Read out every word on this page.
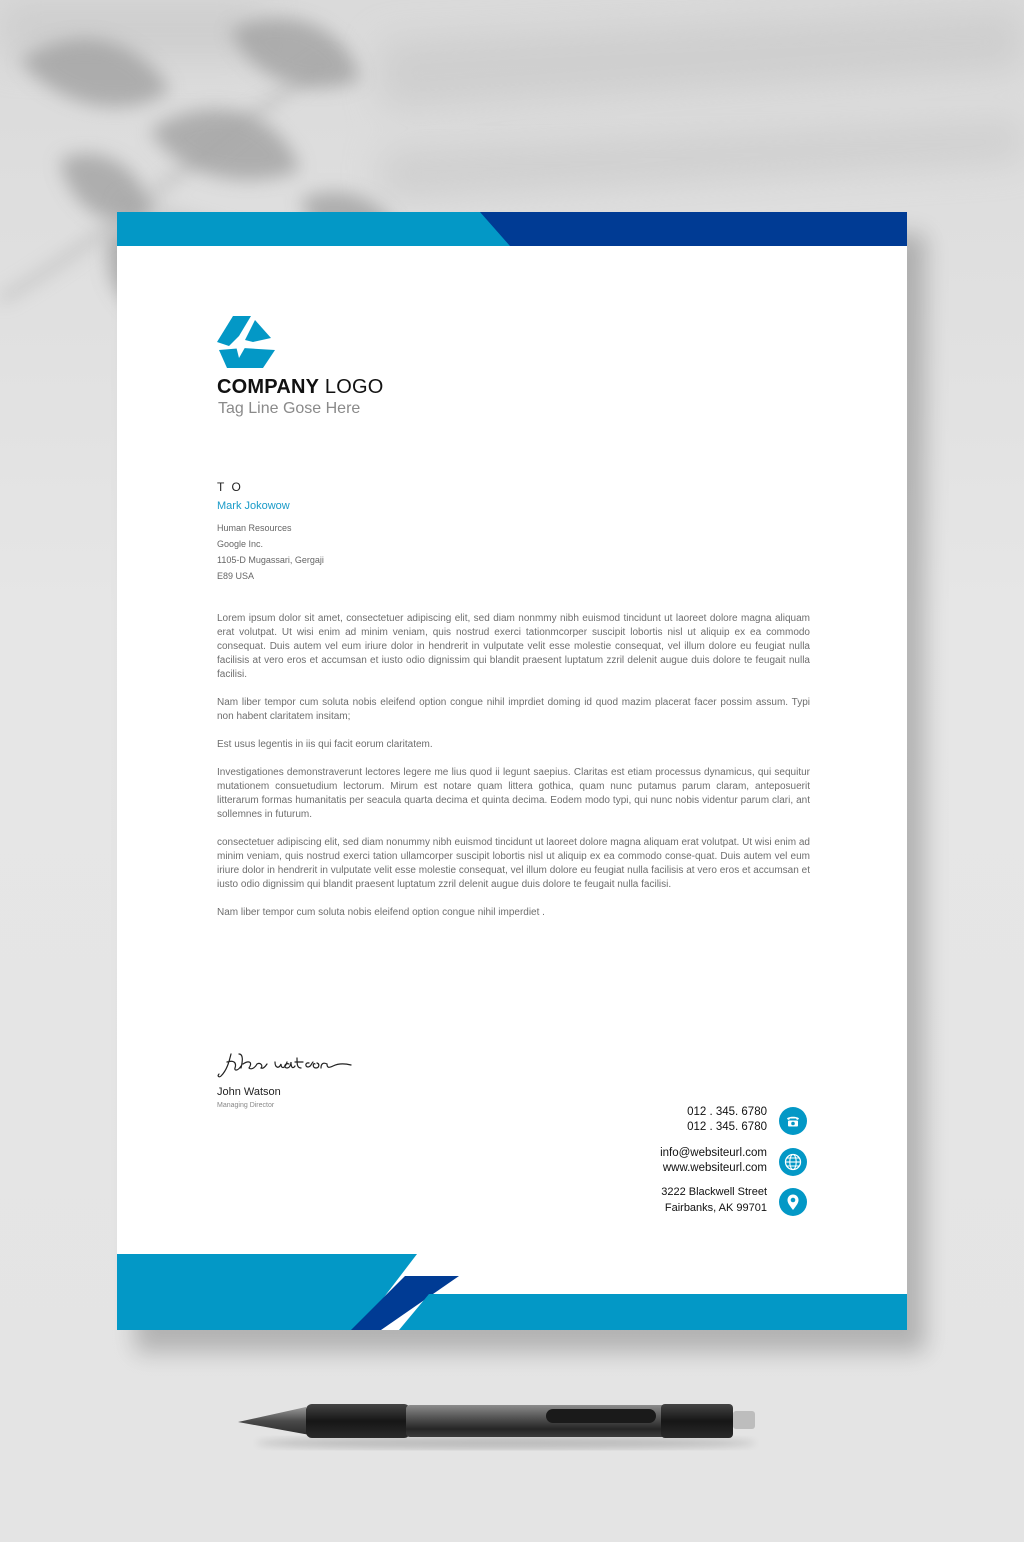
COMPANY LOGO
Tag Line Gose Here
T O
Mark Jokowow
Human Resources
Google Inc.
1105-D Mugassari, Gergaji
E89 USA

Lorem ipsum dolor sit amet, consectetuer adipiscing elit, sed diam nonmmy nibh euismod tincidunt ut laoreet dolore magna aliquam erat volutpat. Ut wisi enim ad minim veniam, quis nostrud exerci tationmcorper suscipit lobortis nisl ut aliquip ex ea commodo consequat. Duis autem vel eum iriure dolor in hendrerit in vulputate velit esse molestie consequat, vel illum dolore eu feugiat nulla facilisis at vero eros et accumsan et iusto odio dignissim qui blandit praesent luptatum zzril delenit augue duis dolore te feugait nulla facilisi.

Nam liber tempor cum soluta nobis eleifend option congue nihil imprdiet doming id quod mazim placerat facer possim assum. Typi non habent claritatem insitam;

Est usus legentis in iis qui facit eorum claritatem.

Investigationes demonstraverunt lectores legere me lius quod ii legunt saepius. Claritas est etiam processus dynamicus, qui sequitur mutationem consuetudium lectorum. Mirum est notare quam littera gothica, quam nunc putamus parum claram, anteposuerit litterarum formas humanitatis per seacula quarta decima et quinta decima. Eodem modo typi, qui nunc nobis videntur parum clari, ant sollemnes in futurum.

consectetuer adipiscing elit, sed diam nonummy nibh euismod tincidunt ut laoreet dolore magna aliquam erat volutpat. Ut wisi enim ad minim veniam, quis nostrud exerci tation ullamcorper suscipit lobortis nisl ut aliquip ex ea commodo conse-quat. Duis autem vel eum iriure dolor in hendrerit in vulputate velit esse molestie consequat, vel illum dolore eu feugiat nulla facilisis at vero eros et accumsan et iusto odio dignissim qui blandit praesent luptatum zzril delenit augue duis dolore te feugait nulla facilisi.

Nam liber tempor cum soluta nobis eleifend option congue nihil imperdiet .

John Watson
Managing Director
012 . 345. 6780
012 . 345. 6780
info@websiteurl.com
www.websiteurl.com
3222 Blackwell Street
Fairbanks, AK 99701
